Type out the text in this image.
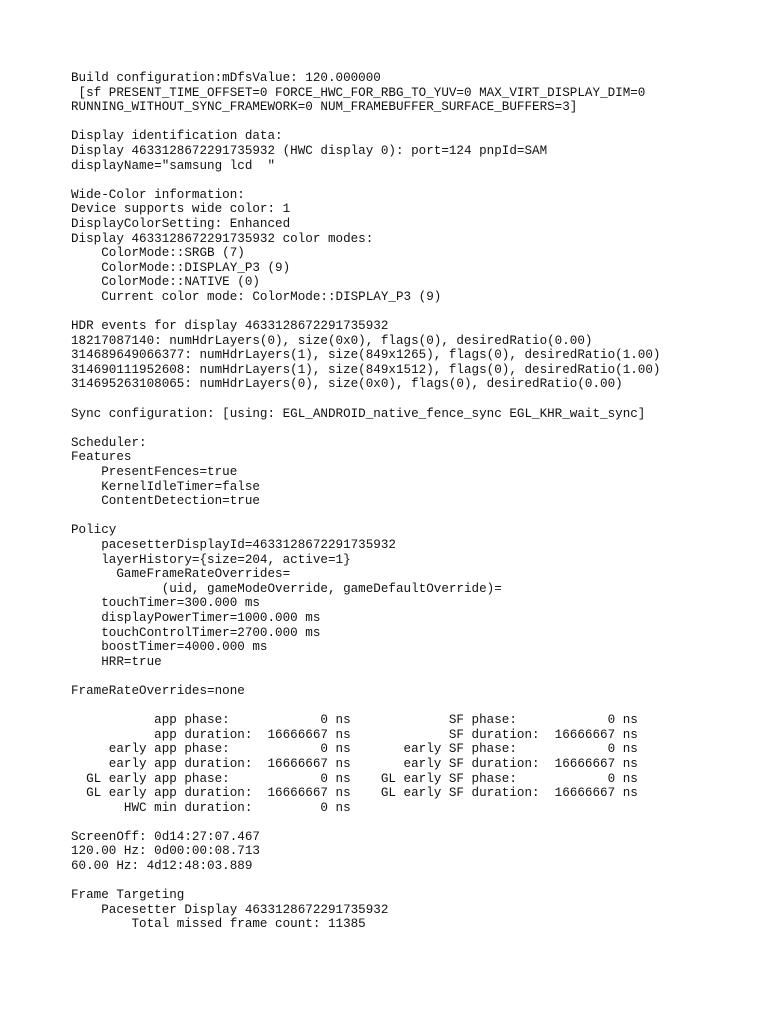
Build configuration:mDfsValue: 120.000000
[sf PRESENT_TIME_OFFSET=0 FORCE_HWC_FOR_RBG_TO_YUV=0 MAX_VIRT_DISPLAY_DIM=0
RUNNING_WITHOUT_SYNC_FRAMEWORK=0 NUM_FRAMEBUFFER_SURFACE_BUFFERS=3]
Display identification data:
Display 4633128672291735932 (HWC display 0): port=124 pnpId=SAM
displayName="samsung lcd  "
Wide-Color information:
Device supports wide color: 1
DisplayColorSetting: Enhanced
Display 4633128672291735932 color modes:
ColorMode::SRGB (7)
ColorMode::DISPLAY_P3 (9)
ColorMode::NATIVE (0)
Current color mode: ColorMode::DISPLAY_P3 (9)
HDR events for display 4633128672291735932
18217087140: numHdrLayers(0), size(0x0), flags(0), desiredRatio(0.00)
314689649066377: numHdrLayers(1), size(849x1265), flags(0), desiredRatio(1.00)
314690111952608: numHdrLayers(1), size(849x1512), flags(0), desiredRatio(1.00)
314695263108065: numHdrLayers(0), size(0x0), flags(0), desiredRatio(0.00)
Sync configuration: [using: EGL_ANDROID_native_fence_sync EGL_KHR_wait_sync]
Scheduler:
Features
PresentFences=true
KernelIdleTimer=false
ContentDetection=true
Policy
pacesetterDisplayId=4633128672291735932
layerHistory={size=204, active=1}
GameFrameRateOverrides=
(uid, gameModeOverride, gameDefaultOverride)=
touchTimer=300.000 ms
displayPowerTimer=1000.000 ms
touchControlTimer=2700.000 ms
boostTimer=4000.000 ms
HRR=true
FrameRateOverrides=none
app phase:            0 ns             SF phase:            0 ns
app duration:  16666667 ns             SF duration:  16666667 ns
early app phase:            0 ns       early SF phase:            0 ns
early app duration:  16666667 ns       early SF duration:  16666667 ns
GL early app phase:            0 ns    GL early SF phase:            0 ns
GL early app duration:  16666667 ns    GL early SF duration:  16666667 ns
HWC min duration:         0 ns
ScreenOff: 0d14:27:07.467
120.00 Hz: 0d00:00:08.713
60.00 Hz: 4d12:48:03.889
Frame Targeting
Pacesetter Display 4633128672291735932
Total missed frame count: 11385
